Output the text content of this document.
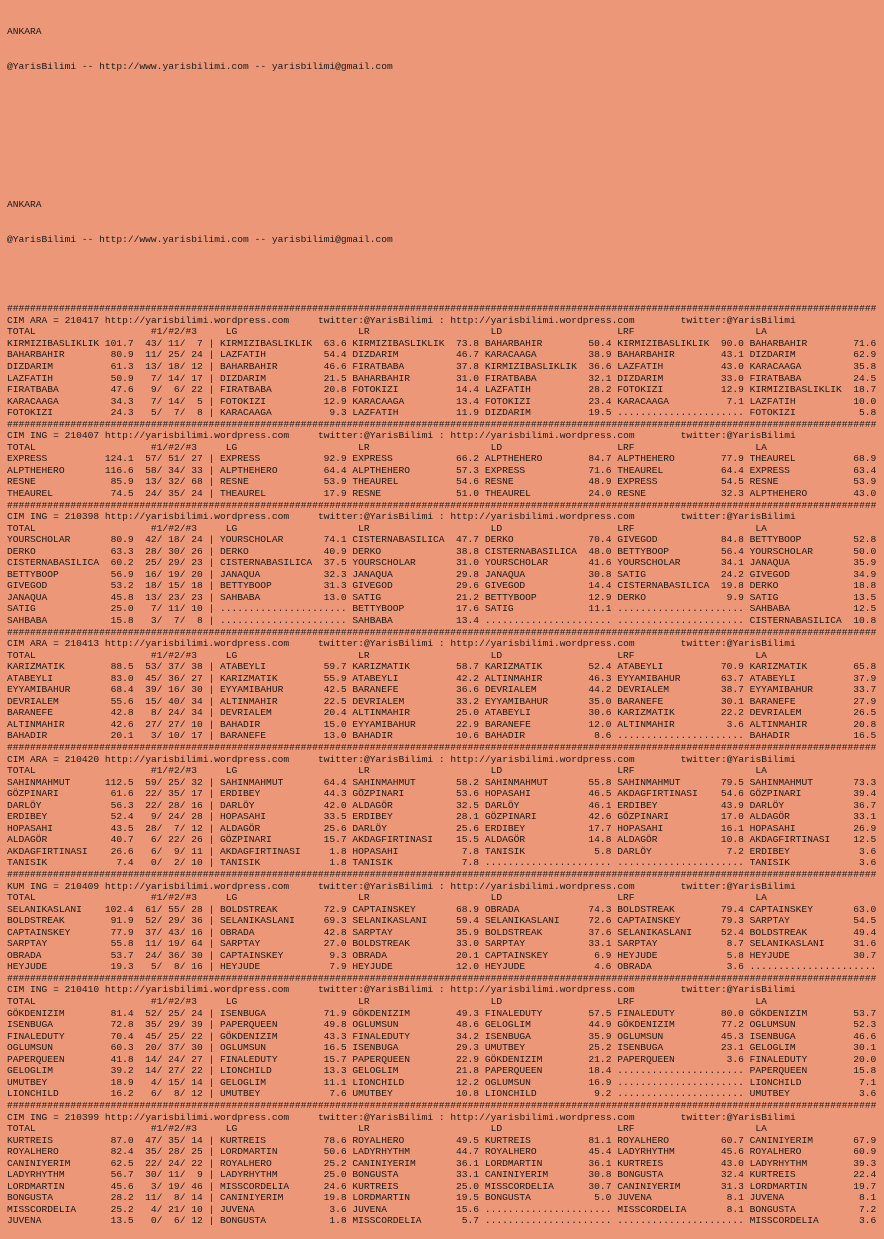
ANKARA

@YarisBilimi -- http://www.yarisbilimi.com -- yarisbilimi@gmail.com

ANKARA

@YarisBilimi -- http://www.yarisbilimi.com -- yarisbilimi@gmail.com

#######################################################################################################################################################
CIM ARA = 210417 http://yarisbilimi.wordpress.com	twitter:@YarisBilimi : http://yarisbilimi.wordpress.com	twitter:@YarisBilimi
TOTAL	#1/#2/#3	LG	LR	LD	LRF	LA
KIRMIZIBASLIKLIK 101.7 43/ 11/ 7 | KIRMIZIBASLIKLIK 63.6 KIRMIZIBASLIKLIK 73.8 BAHARBAHIR	50.4 KIRMIZIBASLIKLIK 90.0 BAHARBAHIR	71.6
BAHARBAHIR	80.9 11/ 25/ 24 | LAZFATIH	54.4 DIZDARIM	46.7 KARACAAGA	38.9 BAHARBAHIR	43.1 DIZDARIM	62.9
DIZDARIM	61.3 13/ 18/ 12 | BAHARBAHIR	46.6 FIRATBABA	37.8 KIRMIZIBASLIKLIK 36.6 LAZFATIH	43.0 KARACAAGA	35.8
LAZFATIH	50.9 7/ 14/ 17 | DIZDARIM	21.5 BAHARBAHIR	31.0 FIRATBABA	32.1 DIZDARIM	33.0 FIRATBABA	24.5
FIRATBABA	47.6 9/ 6/ 22 | FIRATBABA	20.8 FOTOKIZI	14.4 LAZFATIH	28.2 FOTOKIZI	12.9 KIRMIZIBASLIKLIK 18.7
KARACAAGA	34.3 7/ 14/ 5 | FOTOKIZI	12.9 KARACAAGA	13.4 FOTOKIZI	23.4 KARACAAGA	7.1 LAZFATIH	10.0
FOTOKIZI	24.3 5/ 7/ 8 | KARACAAGA	9.3 LAZFATIH	11.9 DIZDARIM	19.5 ...................... FOTOKIZI	5.8
#######################################################################################################################################################
CIM ING = 210407 http://yarisbilimi.wordpress.com	twitter:@YarisBilimi : http://yarisbilimi.wordpress.com	twitter:@YarisBilimi
TOTAL	#1/#2/#3	LG	LR	LD	LRF	LA
EXPRESS	124.1 57/ 51/ 27 | EXPRESS	92.9 EXPRESS	66.2 ALPTHEHERO	84.7 ALPTHEHERO	77.9 THEAUREL	68.9
ALPTHEHERO	116.6 58/ 34/ 33 | ALPTHEHERO	64.4 ALPTHEHERO	57.3 EXPRESS	71.6 THEAUREL	64.4 EXPRESS	63.4
RESNE	85.9 13/ 32/ 68 | RESNE	53.9 THEAUREL	54.6 RESNE	48.9 EXPRESS	54.5 RESNE	53.9
THEAUREL	74.5 24/ 35/ 24 | THEAUREL	17.9 RESNE	51.0 THEAUREL	24.0 RESNE	32.3 ALPTHEHERO	43.0
#######################################################################################################################################################
CIM ING = 210398 http://yarisbilimi.wordpress.com	twitter:@YarisBilimi : http://yarisbilimi.wordpress.com	twitter:@YarisBilimi
TOTAL	#1/#2/#3	LG	LR	LD	LRF	LA
YOURSCHOLAR	80.9 42/ 18/ 24 | YOURSCHOLAR	74.1 CISTERNABASILICA 47.7 DERKO	70.4 GIVEGOD	84.8 BETTYBOOP	52.8
DERKO	63.3 28/ 30/ 26 | DERKO	40.9 DERKO	38.8 CISTERNABASILICA 48.0 BETTYBOOP	56.4 YOURSCHOLAR	50.0
CISTERNABASILICA 60.2 25/ 29/ 23 | CISTERNABASILICA 37.5 YOURSCHOLAR	31.0 YOURSCHOLAR	41.6 YOURSCHOLAR	34.1 JANAQUA	35.9
BETTYBOOP	56.9 16/ 19/ 20 | JANAQUA	32.3 JANAQUA	29.8 JANAQUA	30.8 SATIG	24.2 GIVEGOD	34.9
GIVEGOD	53.2 18/ 15/ 18 | BETTYBOOP	31.3 GIVEGOD	29.6 GIVEGOD	14.4 CISTERNABASILICA 19.8 DERKO	18.8
JANAQUA	45.8 13/ 23/ 23 | SAHBABA	13.0 SATIG	21.2 BETTYBOOP	12.9 DERKO	9.9 SATIG	13.5
SATIG	25.0 7/ 11/ 10 | ...................... BETTYBOOP	17.6 SATIG	11.1 ...................... SAHBABA	12.5
SAHBABA	15.8 3/ 7/ 8 | ...................... SAHBABA	13.4 ...................... ...................... CISTERNABASILICA 10.8
#######################################################################################################################################################
CIM ARA = 210413 http://yarisbilimi.wordpress.com	twitter:@YarisBilimi : http://yarisbilimi.wordpress.com	twitter:@YarisBilimi
TOTAL	#1/#2/#3	LG	LR	LD	LRF	LA
KARIZMATIK	88.5 53/ 37/ 38 | ATABEYLI	59.7 KARIZMATIK	58.7 KARIZMATIK	52.4 ATABEYLI	70.9 KARIZMATIK	65.8
ATABEYLI	83.0 45/ 36/ 27 | KARIZMATIK	55.9 ATABEYLI	42.2 ALTINMAHIR	46.3 EYYAMIBAHUR	63.7 ATABEYLI	37.9
EYYAMIBAHUR	68.4 39/ 16/ 30 | EYYAMIBAHUR	42.5 BARANEFE	36.6 DEVRIALEM	44.2 DEVRIALEM	38.7 EYYAMIBAHUR	33.7
DEVRIALEM	55.6 15/ 40/ 34 | ALTINMAHIR	22.5 DEVRIALEM	33.2 EYYAMIBAHUR	35.0 BARANEFE	30.1 BARANEFE	27.9
BARANEFE	42.8 8/ 24/ 34 | DEVRIALEM	20.4 ALTINMAHIR	25.0 ATABEYLI	30.6 KARIZMATIK	22.2 DEVRIALEM	26.5
ALTINMAHIR	42.6 27/ 27/ 10 | BAHADIR	15.0 EYYAMIBAHUR	22.9 BARANEFE	12.0 ALTINMAHIR	3.6 ALTINMAHIR	20.8
BAHADIR	20.1 3/ 10/ 17 | BARANEFE	13.0 BAHADIR	10.6 BAHADIR	8.6 ...................... BAHADIR	16.5
#######################################################################################################################################################
CIM ARA = 210420 http://yarisbilimi.wordpress.com	twitter:@YarisBilimi : http://yarisbilimi.wordpress.com	twitter:@YarisBilimi
TOTAL	#1/#2/#3	LG	LR	LD	LRF	LA
SAHINMAHMUT	112.5 59/ 25/ 32 | SAHINMAHMUT	64.4 SAHINMAHMUT	58.2 SAHINMAHMUT	55.8 SAHINMAHMUT	79.5 SAHINMAHMUT	73.3
GÖZPINARI	61.6 22/ 35/ 17 | ERDIBEY	44.3 GÖZPINARI	53.6 HOPASAHI	46.5 AKDAGFIRTINASI 54.6 GÖZPINARI	39.4
DARLÖY	56.3 22/ 28/ 16 | DARLÖY	42.0 ALDAGÖR	32.5 DARLÖY	46.1 ERDIBEY	43.9 DARLÖY	36.7
ERDIBEY	52.4 9/ 24/ 28 | HOPASAHI	33.5 ERDIBEY	28.1 GÖZPINARI	42.6 GÖZPINARI	17.0 ALDAGÖR	33.1
HOPASAHI	43.5 28/ 7/ 12 | ALDAGÖR	25.6 DARLÖY	25.6 ERDIBEY	17.7 HOPASAHI	16.1 HOPASAHI	26.9
ALDAGÖR	40.7 6/ 22/ 26 | GÖZPINARI	15.7 AKDAGFIRTINASI 15.5 ALDAGÖR	14.8 ALDAGÖR	10.8 AKDAGFIRTINASI 12.5
AKDAGFIRTINASI 26.6 6/ 9/ 11 | AKDAGFIRTINASI	1.8 HOPASAHI	7.8 TANISIK	5.8 DARLÖY	7.2 ERDIBEY	3.6
TANISIK	7.4 0/ 2/ 10 | TANISIK	1.8 TANISIK	7.8 ...................... ...................... TANISIK	3.6
#######################################################################################################################################################
KUM ING = 210409 http://yarisbilimi.wordpress.com	twitter:@YarisBilimi : http://yarisbilimi.wordpress.com	twitter:@YarisBilimi
TOTAL	#1/#2/#3	LG	LR	LD	LRF	LA
SELANIKASLANI 102.4 61/ 55/ 28 | BOLDSTREAK	72.9 CAPTAINSKEY	68.9 OBRADA	74.3 BOLDSTREAK	79.4 CAPTAINSKEY	63.0
BOLDSTREAK	91.9 52/ 29/ 36 | SELANIKASLANI	69.3 SELANIKASLANI	59.4 SELANIKASLANI	72.6 CAPTAINSKEY	79.3 SARPTAY	54.5
CAPTAINSKEY	77.9 37/ 43/ 16 | OBRADA	42.8 SARPTAY	35.9 BOLDSTREAK	37.6 SELANIKASLANI	52.4 BOLDSTREAK	49.4
SARPTAY	55.8 11/ 19/ 64 | SARPTAY	27.0 BOLDSTREAK	33.0 SARPTAY	33.1 SARPTAY	8.7 SELANIKASLANI	31.6
OBRADA	53.7 24/ 36/ 30 | CAPTAINSKEY	9.3 OBRADA	20.1 CAPTAINSKEY	6.9 HEYJUDE	5.8 HEYJUDE	30.7
HEYJUDE	19.3 5/ 8/ 16 | HEYJUDE	7.9 HEYJUDE	12.0 HEYJUDE	4.6 OBRADA	3.6 ......................
#######################################################################################################################################################
CIM ING = 210410 http://yarisbilimi.wordpress.com	twitter:@YarisBilimi : http://yarisbilimi.wordpress.com	twitter:@YarisBilimi
TOTAL	#1/#2/#3	LG	LR	LD	LRF	LA
GÖKDENIZIM	81.4 52/ 25/ 24 | ISENBUGA	71.9 GÖKDENIZIM	49.3 FINALEDUTY	57.5 FINALEDUTY	80.0 GÖKDENIZIM	53.7
ISENBUGA	72.8 35/ 29/ 39 | PAPERQUEEN	49.8 OGLUMSUN	48.6 GELOGLIM	44.9 GÖKDENIZIM	77.2 OGLUMSUN	52.3
FINALEDUTY	70.4 45/ 25/ 22 | GÖKDENIZIM	43.3 FINALEDUTY	34.2 ISENBUGA	35.9 OGLUMSUN	45.3 ISENBUGA	46.6
OGLUMSUN	60.3 20/ 37/ 30 | OGLUMSUN	16.5 ISENBUGA	29.3 UMUTBEY	25.2 ISENBUGA	23.1 GELOGLIM	30.1
PAPERQUEEN	41.8 14/ 24/ 27 | FINALEDUTY	15.7 PAPERQUEEN	22.9 GÖKDENIZIM	21.2 PAPERQUEEN	3.6 FINALEDUTY	20.0
GELOGLIM	39.2 14/ 27/ 22 | LIONCHILD	13.3 GELOGLIM	21.8 PAPERQUEEN	18.4 ...................... PAPERQUEEN	15.8
UMUTBEY	18.9 4/ 15/ 14 | GELOGLIM	11.1 LIONCHILD	12.2 OGLUMSUN	16.9 ...................... LIONCHILD	7.1
LIONCHILD	16.2 6/ 8/ 12 | UMUTBEY	7.6 UMUTBEY	10.8 LIONCHILD	9.2 ...................... UMUTBEY	3.6
#######################################################################################################################################################
CIM ING = 210399 http://yarisbilimi.wordpress.com	twitter:@YarisBilimi : http://yarisbilimi.wordpress.com	twitter:@YarisBilimi
TOTAL	#1/#2/#3	LG	LR	LD	LRF	LA
KURTREIS	87.0 47/ 35/ 14 | KURTREIS	78.6 ROYALHERO	49.5 KURTREIS	81.1 ROYALHERO	60.7 CANINIYERIM	67.9
ROYALHERO	82.4 35/ 28/ 25 | LORDMARTIN	50.6 LADYRHYTHM	44.7 ROYALHERO	45.4 LADYRHYTHM	45.6 ROYALHERO	60.9
CANINIYERIM	62.5 22/ 24/ 22 | ROYALHERO	25.2 CANINIYERIM	36.1 LORDMARTIN	36.1 KURTREIS	43.0 LADYRHYTHM	39.3
LADYRHYTHM	56.7 30/ 11/ 9 | LADYRHYTHM	25.0 BONGUSTA	33.1 CANINIYERIM	30.8 BONGUSTA	32.4 KURTREIS	22.4
LORDMARTIN	45.6 3/ 19/ 46 | MISSCORDELIA	24.6 KURTREIS	25.0 MISSCORDELIA	30.7 CANINIYERIM	31.3 LORDMARTIN	19.7
BONGUSTA	28.2 11/ 8/ 14 | CANINIYERIM	19.8 LORDMARTIN	19.5 BONGUSTA	5.0 JUVENA	8.1 JUVENA	8.1
MISSCORDELIA	25.2 4/ 21/ 10 | JUVENA	3.6 JUVENA	15.6 ...................... MISSCORDELIA	8.1 BONGUSTA	7.2
JUVENA	13.5 0/ 6/ 12 | BONGUSTA	1.8 MISSCORDELIA	5.7 ...................... ...................... MISSCORDELIA	3.6
